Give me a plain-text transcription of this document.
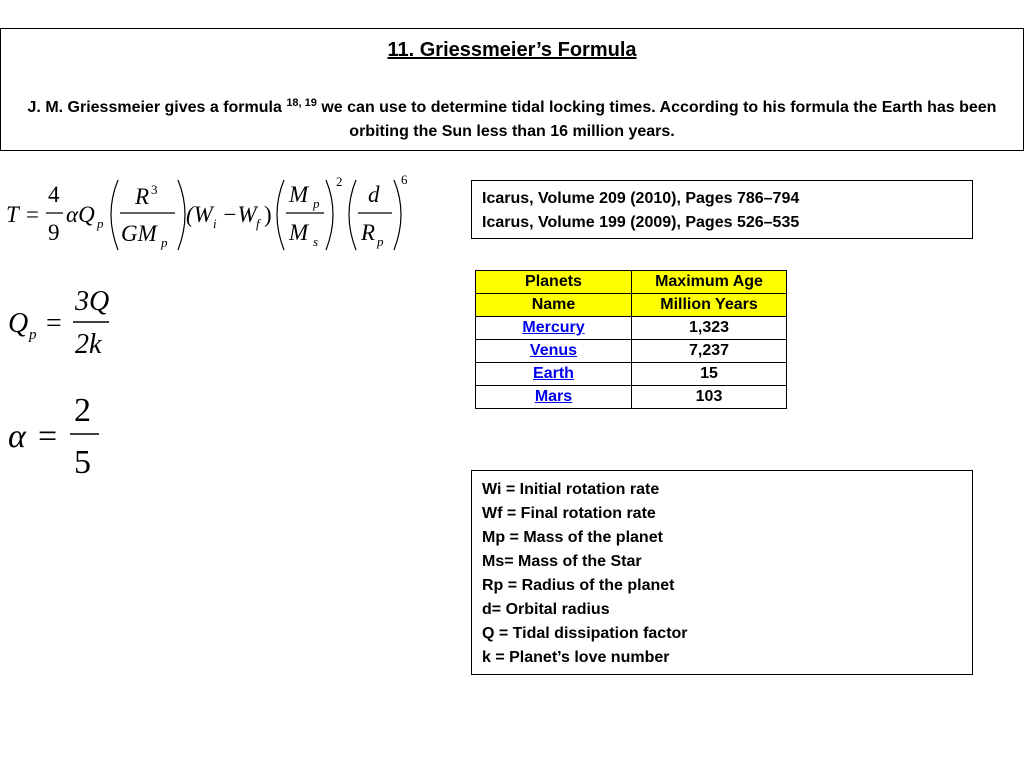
11. Griessmeier’s Formula
J. M. Griessmeier gives a formula $^{18, 19}$ we can use to determine tidal locking times. According to his formula the Earth has been orbiting the Sun less than 16 million years.
T =
4
9
αQ p
R 3
GM p
(W i −W f )
M p
M s
2
d
R p
6
Q p =
3Q
2k
α =
2
5
Icarus, Volume 209 (2010), Pages 786–794
Icarus, Volume 199 (2009), Pages 526–535
Planets	Maximum Age
Name	Million Years
Mercury	1,323
Venus	7,237
Earth	15
Mars	103
Wi = Initial rotation rate
Wf = Final rotation rate
Mp = Mass of the planet
Ms= Mass of the Star
Rp = Radius of the planet
d= Orbital radius
Q = Tidal dissipation factor
k = Planet’s love number
